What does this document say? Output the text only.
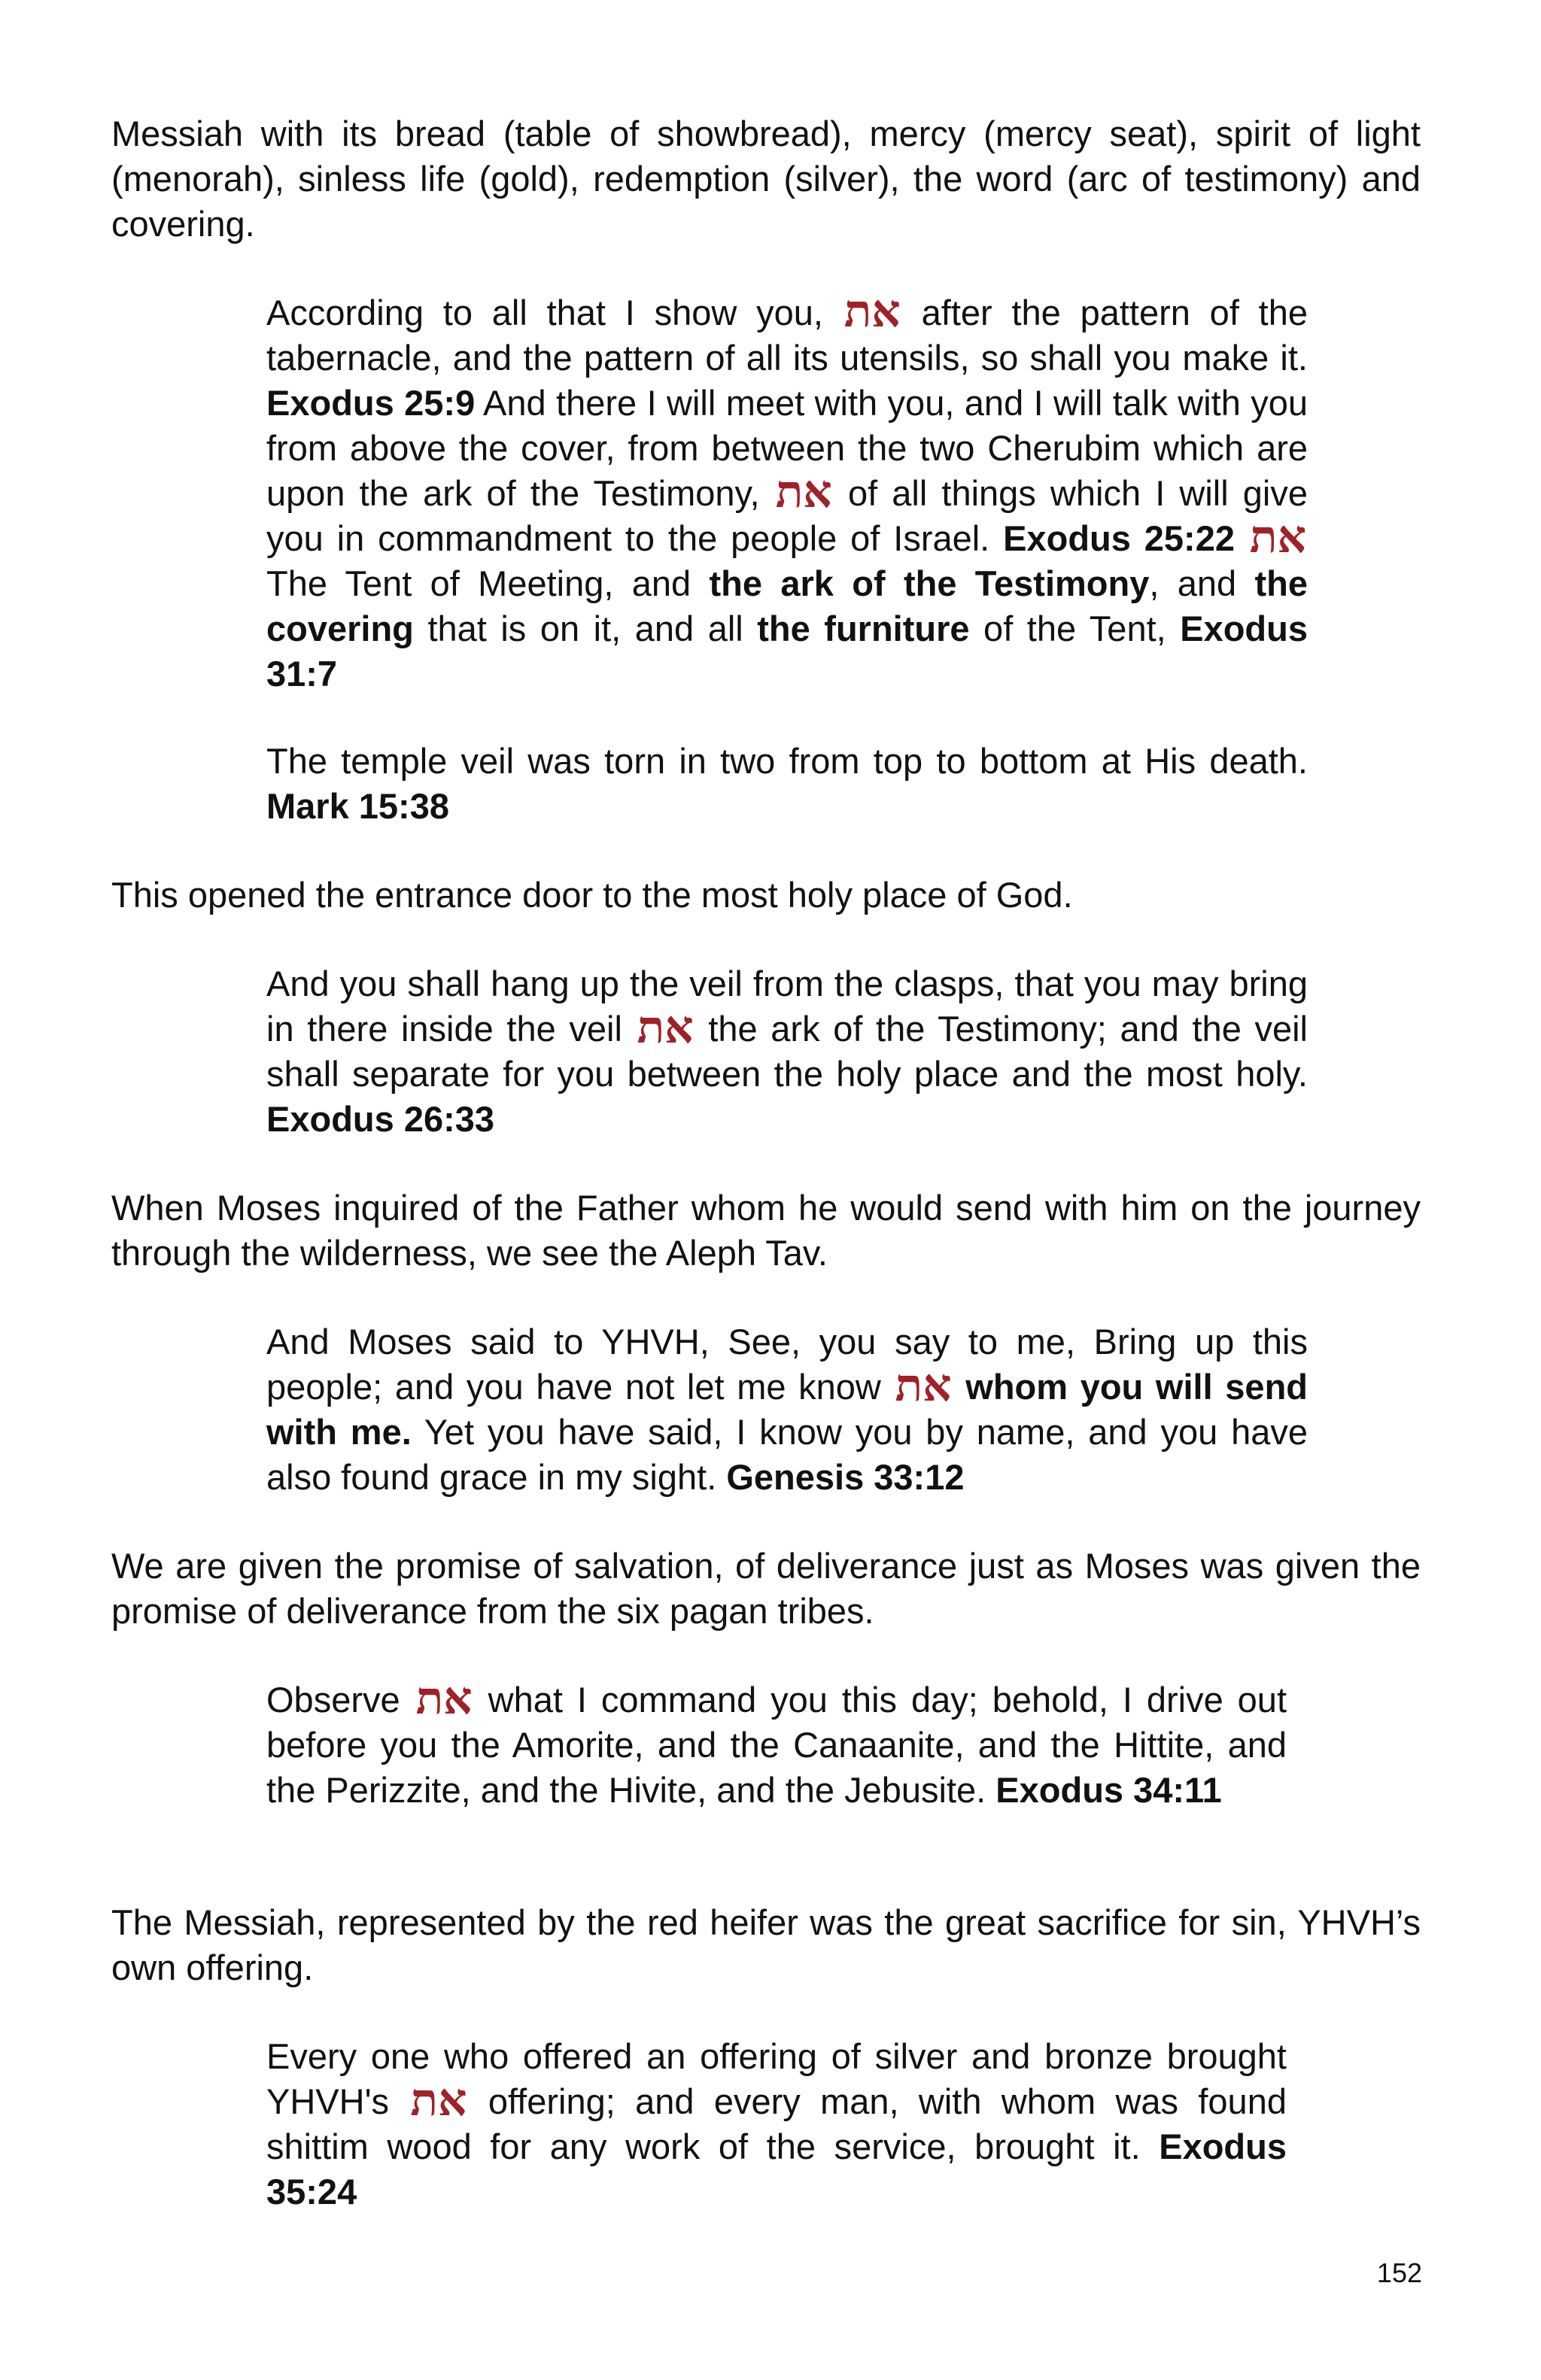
Messiah with its bread (table of showbread), mercy (mercy seat), spirit of light (menorah), sinless life (gold), redemption (silver), the word (arc of testimony) and covering.

According to all that I show you, את after the pattern of the tabernacle, and the pattern of all its utensils, so shall you make it. Exodus 25:9 And there I will meet with you, and I will talk with you from above the cover, from between the two Cherubim which are upon the ark of the Testimony, את of all things which I will give you in commandment to the people of Israel. Exodus 25:22 את The Tent of Meeting, and the ark of the Testimony, and the covering that is on it, and all the furniture of the Tent, Exodus 31:7

The temple veil was torn in two from top to bottom at His death. Mark 15:38

This opened the entrance door to the most holy place of God.

And you shall hang up the veil from the clasps, that you may bring in there inside the veil את the ark of the Testimony; and the veil shall separate for you between the holy place and the most holy. Exodus 26:33

When Moses inquired of the Father whom he would send with him on the journey through the wilderness, we see the Aleph Tav.

And Moses said to YHVH, See, you say to me, Bring up this people; and you have not let me know את whom you will send with me. Yet you have said, I know you by name, and you have also found grace in my sight. Genesis 33:12

We are given the promise of salvation, of deliverance just as Moses was given the promise of deliverance from the six pagan tribes.

Observe את what I command you this day; behold, I drive out before you the Amorite, and the Canaanite, and the Hittite, and the Perizzite, and the Hivite, and the Jebusite. Exodus 34:11

The Messiah, represented by the red heifer was the great sacrifice for sin, YHVH’s own offering.

Every one who offered an offering of silver and bronze brought YHVH's את offering; and every man, with whom was found shittim wood for any work of the service, brought it. Exodus 35:24

152
